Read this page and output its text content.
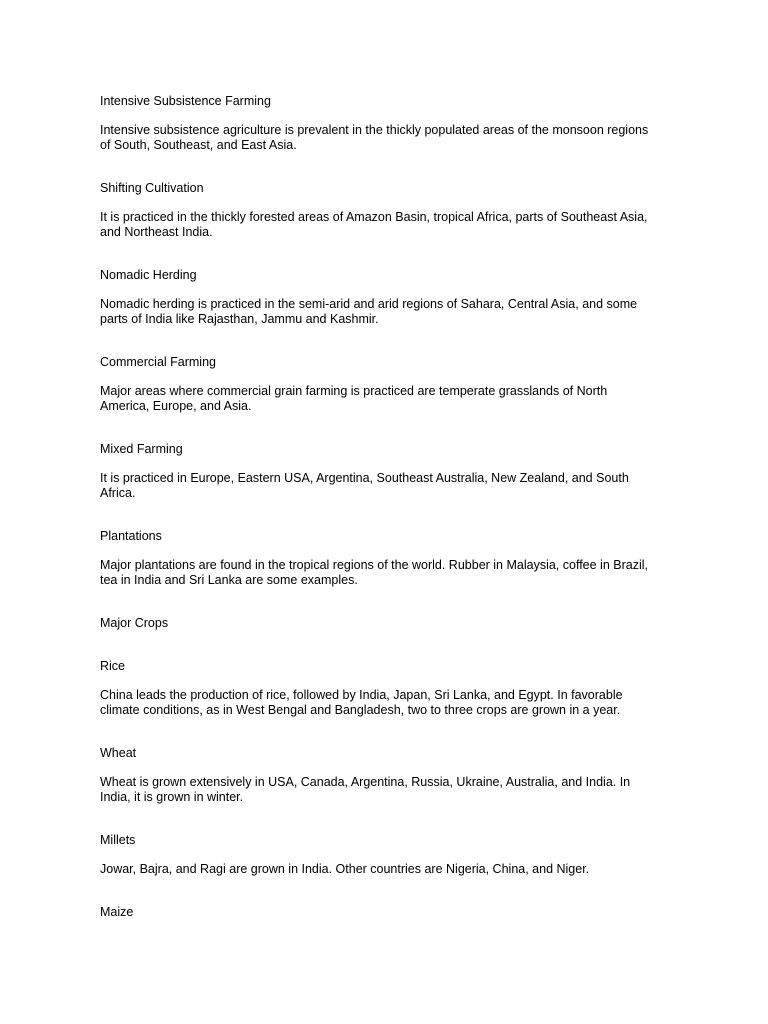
Intensive Subsistence Farming

Intensive subsistence agriculture is prevalent in the thickly populated areas of the monsoon regions
of South, Southeast, and East Asia.

Shifting Cultivation

It is practiced in the thickly forested areas of Amazon Basin, tropical Africa, parts of Southeast Asia,
and Northeast India.

Nomadic Herding

Nomadic herding is practiced in the semi-arid and arid regions of Sahara, Central Asia, and some
parts of India like Rajasthan, Jammu and Kashmir.

Commercial Farming

Major areas where commercial grain farming is practiced are temperate grasslands of North
America, Europe, and Asia.

Mixed Farming

It is practiced in Europe, Eastern USA, Argentina, Southeast Australia, New Zealand, and South
Africa.

Plantations

Major plantations are found in the tropical regions of the world. Rubber in Malaysia, coffee in Brazil,
tea in India and Sri Lanka are some examples.

Major Crops

Rice

China leads the production of rice, followed by India, Japan, Sri Lanka, and Egypt. In favorable
climate conditions, as in West Bengal and Bangladesh, two to three crops are grown in a year.

Wheat

Wheat is grown extensively in USA, Canada, Argentina, Russia, Ukraine, Australia, and India. In
India, it is grown in winter.

Millets

Jowar, Bajra, and Ragi are grown in India. Other countries are Nigeria, China, and Niger.

Maize
